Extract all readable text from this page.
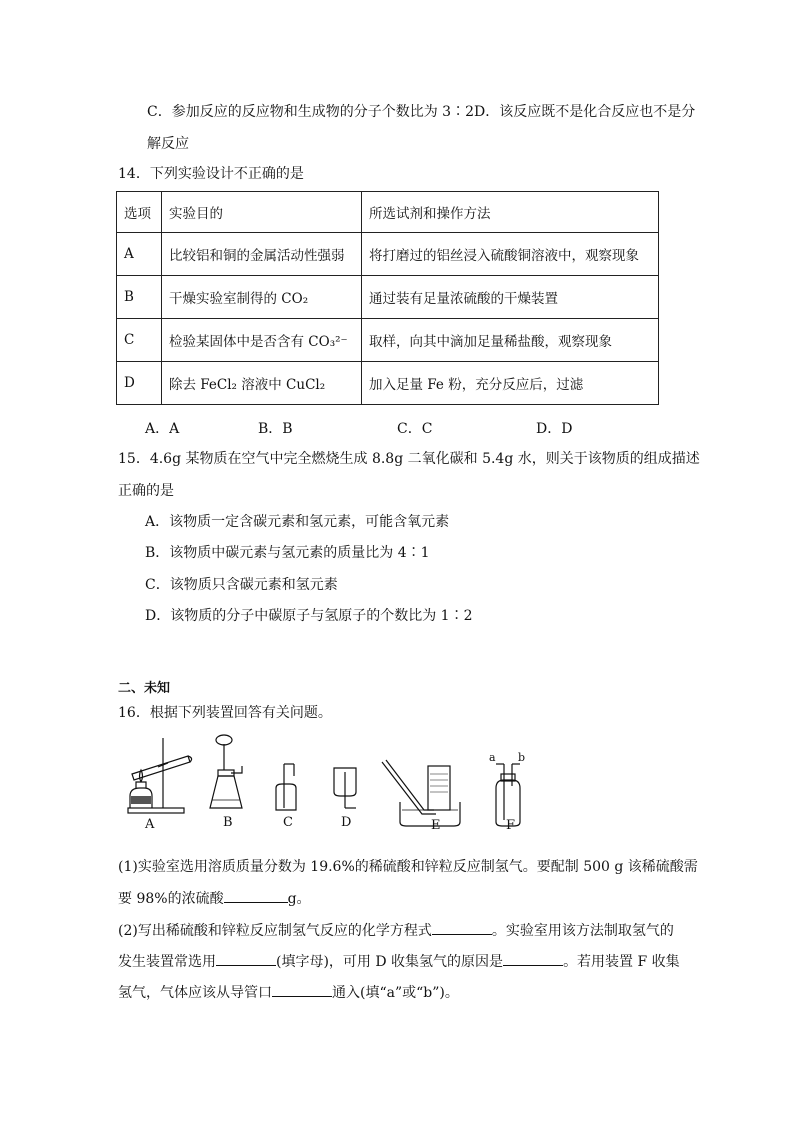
C．参加反应的反应物和生成物的分子个数比为 3∶2D．该反应既不是化合反应也不是分
解反应
14．下列实验设计不正确的是
选项	实验目的	所选试剂和操作方法
A	比较铝和铜的金属活动性强弱	将打磨过的铝丝浸入硫酸铜溶液中，观察现象
B	干燥实验室制得的 CO₂	通过装有足量浓硫酸的干燥装置
C	检验某固体中是否含有 CO₃²⁻	取样，向其中滴加足量稀盐酸，观察现象
D	除去 FeCl₂ 溶液中 CuCl₂	加入足量 Fe 粉，充分反应后，过滤
A．A	B．B	C．C	D．D
15．4.6g 某物质在空气中完全燃烧生成 8.8g 二氧化碳和 5.4g 水，则关于该物质的组成描述
正确的是
A．该物质一定含碳元素和氢元素，可能含氧元素
B．该物质中碳元素与氢元素的质量比为 4∶1
C．该物质只含碳元素和氢元素
D．该物质的分子中碳原子与氢原子的个数比为 1∶2
二、未知
16．根据下列装置回答有关问题。
a b
A	B	C	D	E	F
(1)实验室选用溶质质量分数为 19.6%的稀硫酸和锌粒反应制氢气。要配制 500 g 该稀硫酸需
要 98%的浓硫酸	g。
(2)写出稀硫酸和锌粒反应制氢气反应的化学方程式	。实验室用该方法制取氢气的
发生装置常选用	(填字母)，可用 D 收集氢气的原因是	。若用装置 F 收集
氢气，气体应该从导管口	通入(填“a”或“b”)。
